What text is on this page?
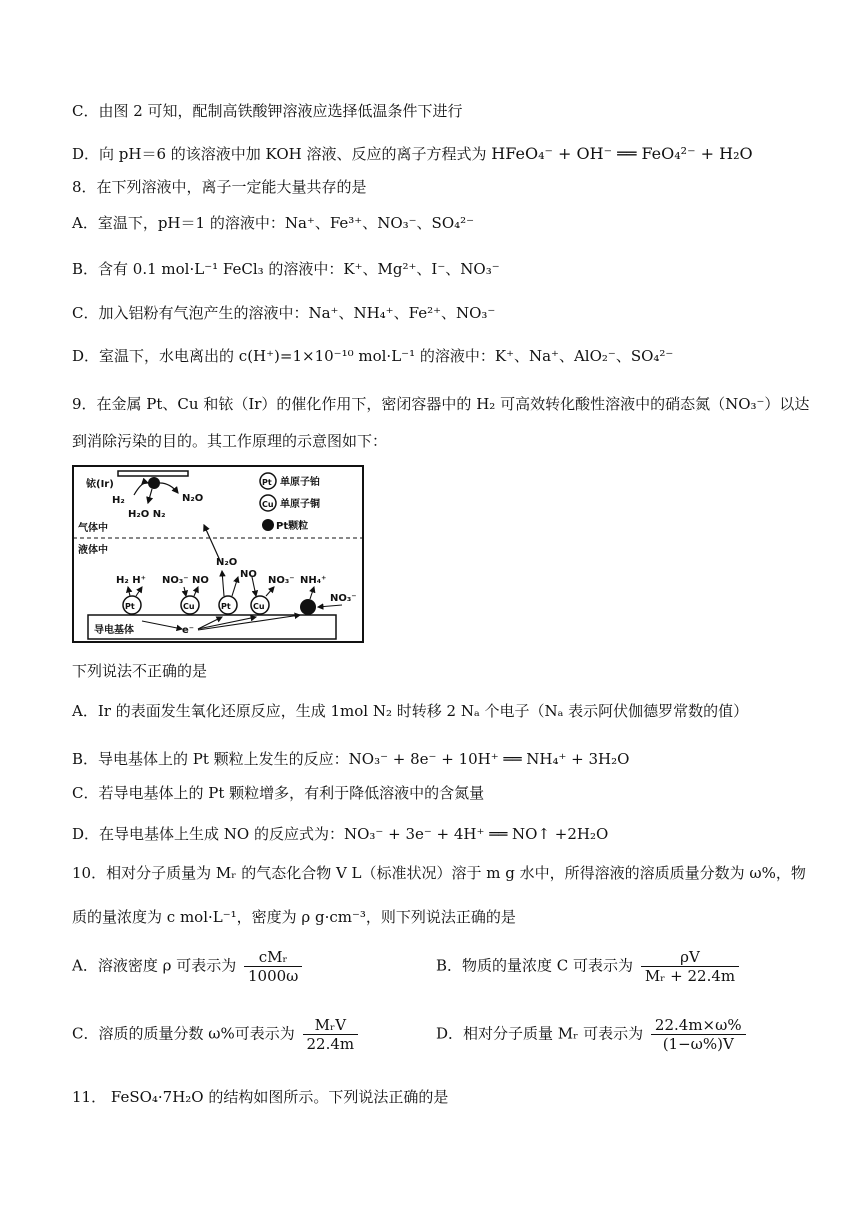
C．由图 2 可知，配制高铁酸钾溶液应选择低温条件下进行
D．向 pH＝6 的该溶液中加 KOH 溶液、反应的离子方程式为 HFeO₄⁻ + OH⁻ ══ FeO₄²⁻ + H₂O
8．在下列溶液中，离子一定能大量共存的是
A．室温下，pH＝1 的溶液中：Na⁺、Fe³⁺、NO₃⁻、SO₄²⁻
B．含有 0.1 mol·L⁻¹ FeCl₃ 的溶液中：K⁺、Mg²⁺、I⁻、NO₃⁻
C．加入铝粉有气泡产生的溶液中：Na⁺、NH₄⁺、Fe²⁺、NO₃⁻
D．室温下，水电离出的 c(H⁺)=1×10⁻¹⁰ mol·L⁻¹ 的溶液中：K⁺、Na⁺、AlO₂⁻、SO₄²⁻
9．在金属 Pt、Cu 和铱（Ir）的催化作用下，密闭容器中的 H₂ 可高效转化酸性溶液中的硝态氮（NO₃⁻）以达
到消除污染的目的。其工作原理的示意图如下：
铱(Ir)
H₂	N₂O
H₂O N₂
气体中
Pt 单原子铂
Cu 单原子铜
Pt颗粒
液体中
N₂O
H₂ H⁺ NO₃⁻ NO
NO
NO₃⁻ NH₄⁺
Pt	Cu	Pt	Cu
NO₃⁻
导电基体	e⁻
下列说法不正确的是
A．Ir 的表面发生氧化还原反应，生成 1mol N₂ 时转移 2 Nₐ 个电子（Nₐ 表示阿伏伽德罗常数的值）
B．导电基体上的 Pt 颗粒上发生的反应：NO₃⁻ + 8e⁻ + 10H⁺ ══ NH₄⁺ + 3H₂O
C．若导电基体上的 Pt 颗粒增多，有利于降低溶液中的含氮量
D．在导电基体上生成 NO 的反应式为：NO₃⁻ + 3e⁻ + 4H⁺ ══ NO↑ +2H₂O
10．相对分子质量为 Mᵣ 的气态化合物 V L（标准状况）溶于 m g 水中，所得溶液的溶质质量分数为 ω%，物
质的量浓度为 c mol·L⁻¹，密度为 ρ g·cm⁻³，则下列说法正确的是
A．溶液密度 ρ 可表示为 $\frac{\text{cMᵣ}}{1000\omega}$	B．物质的量浓度 C 可表示为 $\frac{\rho V}{\text{Mᵣ + 22.4m}}$
C．溶质的质量分数 ω%可表示为 $\frac{\text{MᵣV}}{22.4m}$	D．相对分子质量 Mᵣ 可表示为 $\frac{22.4m\times\omega\%}{(1-\omega\%)V}$
11． FeSO₄·7H₂O 的结构如图所示。下列说法正确的是
